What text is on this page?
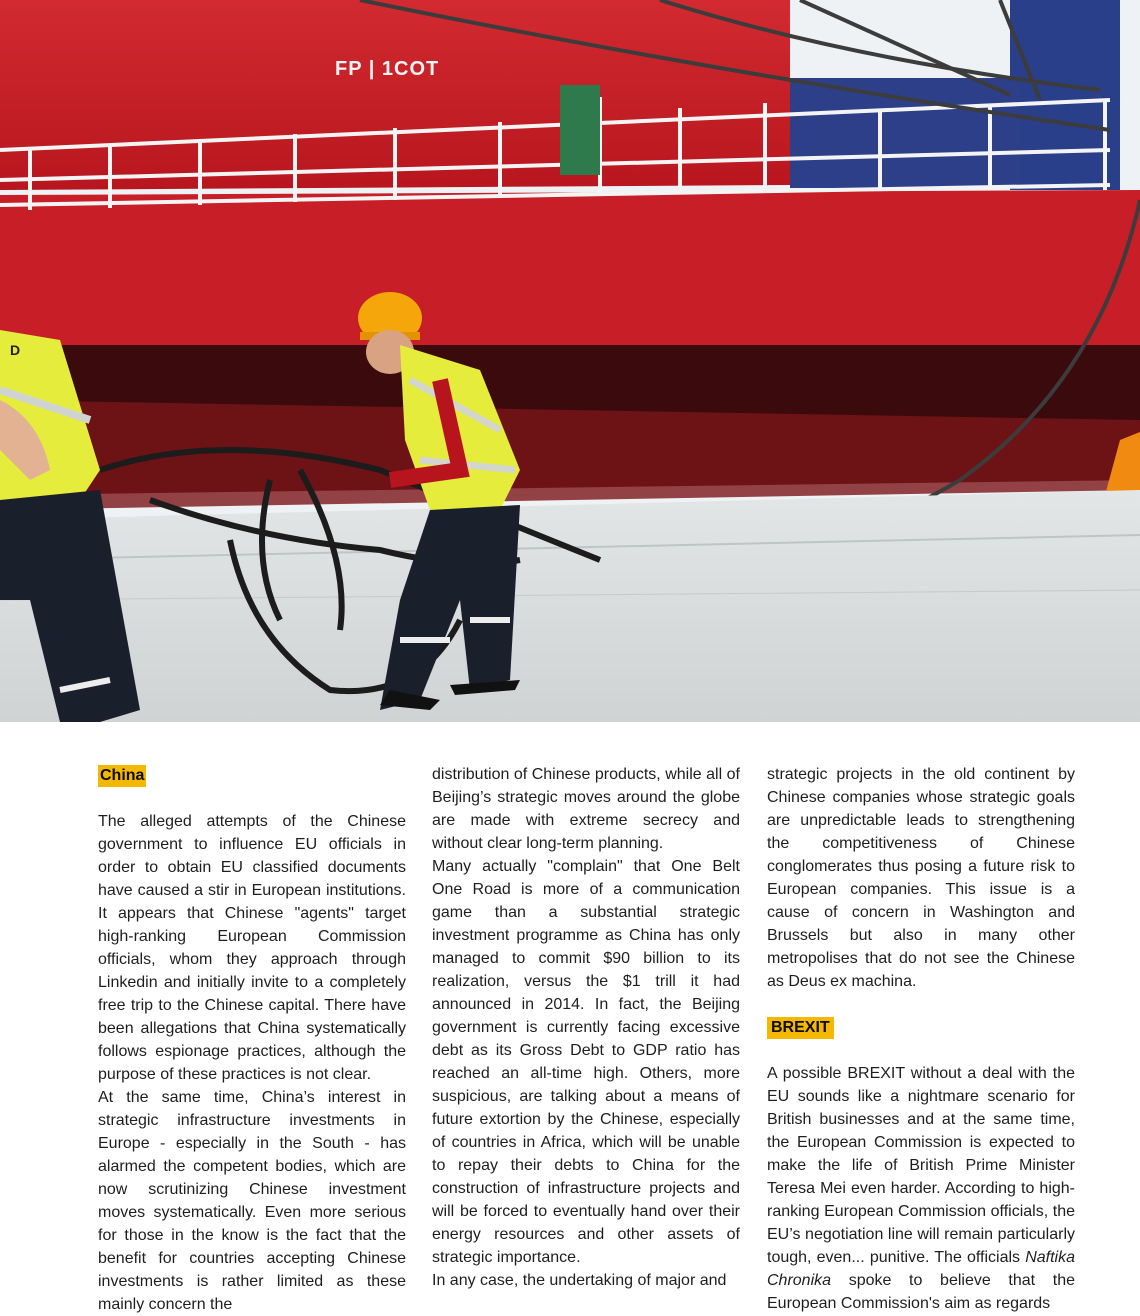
FP | 1COT
D
China

The alleged attempts of the Chinese government to influence EU officials in order to obtain EU classified documents have caused a stir in European institutions. It appears that Chinese "agents" target high-ranking European Commission officials, whom they approach through Linkedin and initially invite to a completely free trip to the Chinese capital. There have been allegations that China systematically follows espionage practices, although the purpose of these practices is not clear.

At the same time, China’s interest in strategic infrastructure investments in Europe - especially in the South - has alarmed the competent bodies, which are now scrutinizing Chinese investment moves systematically. Even more serious for those in the know is the fact that the benefit for countries accepting Chinese investments is rather limited as these mainly concern the

distribution of Chinese products, while all of Beijing’s strategic moves around the globe are made with extreme secrecy and without clear long-term planning.

Many actually "complain" that One Belt One Road is more of a communication game than a substantial strategic investment programme as China has only managed to commit $90 billion to its realization, versus the $1 trill it had announced in 2014. In fact, the Beijing government is currently facing excessive debt as its Gross Debt to GDP ratio has reached an all-time high. Others, more suspicious, are talking about a means of future extortion by the Chinese, especially of countries in Africa, which will be unable to repay their debts to China for the construction of infrastructure projects and will be forced to eventually hand over their energy resources and other assets of strategic importance.

In any case, the undertaking of major and

strategic projects in the old continent by Chinese companies whose strategic goals are unpredictable leads to strengthening the competitiveness of Chinese conglomerates thus posing a future risk to European companies. This issue is a cause of concern in Washington and Brussels but also in many other metropolises that do not see the Chinese as Deus ex machina.

BREXIT

A possible BREXIT without a deal with the EU sounds like a nightmare scenario for British businesses and at the same time, the European Commission is expected to make the life of British Prime Minister Teresa Mei even harder. According to high-ranking European Commission officials, the EU’s negotiation line will remain particularly tough, even... punitive. The officials Naftika Chronika spoke to believe that the European Commission's aim as regards
